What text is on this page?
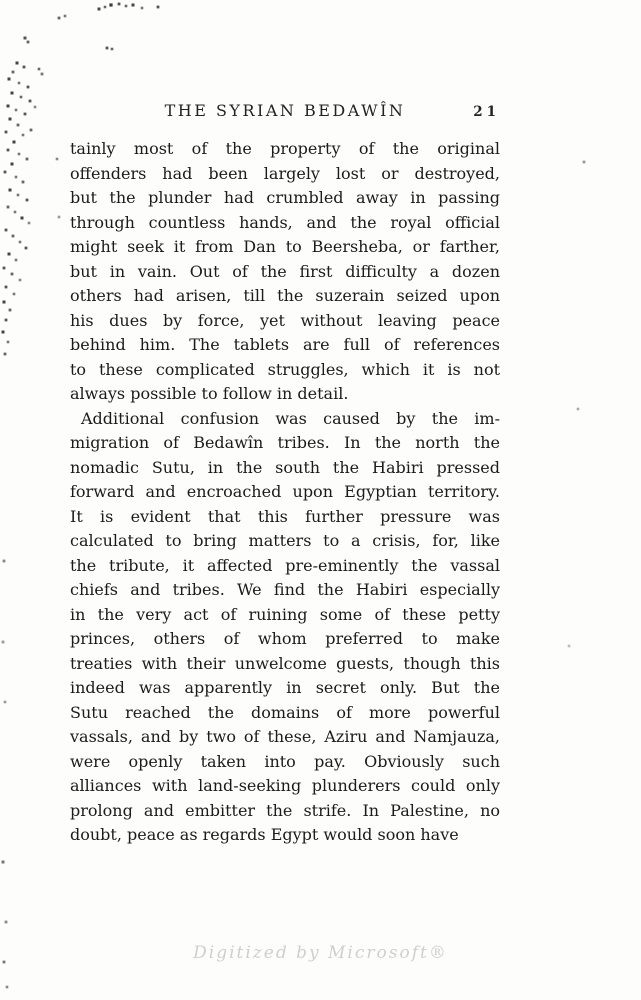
THE SYRIAN BEDAWÎN	21
tainly most of the property of the original
offenders had been largely lost or destroyed,
but the plunder had crumbled away in passing
through countless hands, and the royal official
might seek it from Dan to Beersheba, or farther,
but in vain. Out of the first difficulty a dozen
others had arisen, till the suzerain seized upon
his dues by force, yet without leaving peace
behind him. The tablets are full of references
to these complicated struggles, which it is not
always possible to follow in detail.
Additional confusion was caused by the im-
migration of Bedawîn tribes. In the north the
nomadic Sutu, in the south the Habiri pressed
forward and encroached upon Egyptian territory.
It is evident that this further pressure was
calculated to bring matters to a crisis, for, like
the tribute, it affected pre-eminently the vassal
chiefs and tribes. We find the Habiri especially
in the very act of ruining some of these petty
princes, others of whom preferred to make
treaties with their unwelcome guests, though this
indeed was apparently in secret only. But the
Sutu reached the domains of more powerful
vassals, and by two of these, Aziru and Namjauza,
were openly taken into pay. Obviously such
alliances with land-seeking plunderers could only
prolong and embitter the strife. In Palestine, no
doubt, peace as regards Egypt would soon have
Digitized by Microsoft®
